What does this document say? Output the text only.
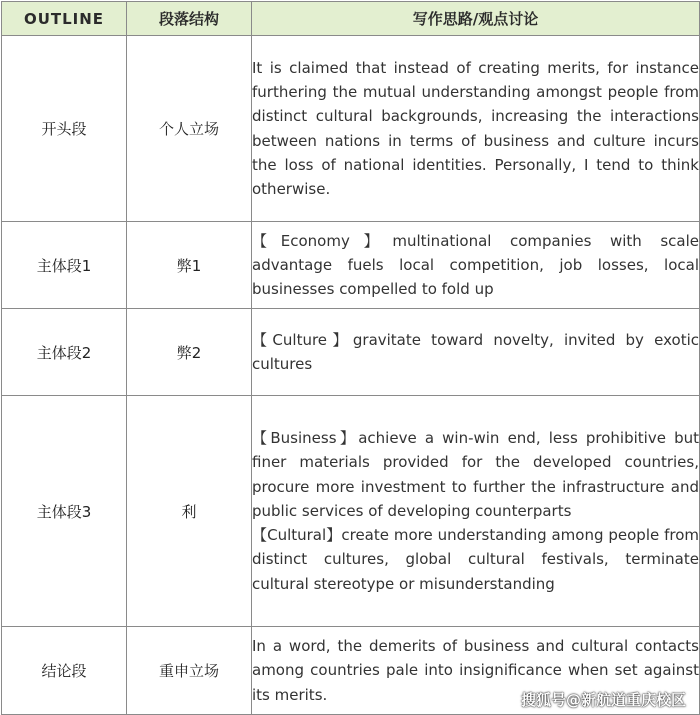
OUTLINE	段落结构	写作思路/观点讨论
开头段	个人立场	It is claimed that instead of creating merits, for instance furthering the mutual understanding amongst people from distinct cultural backgrounds, increasing the interactions between nations in terms of business and culture incurs the loss of national identities. Personally, I tend to think otherwise.

主体段1	弊1	【Economy】multinational companies with scale advantage fuels local competition, job losses, local businesses compelled to fold up

主体段2	弊2	【Culture】gravitate toward novelty, invited by exotic cultures

主体段3	利	【Business】achieve a win-win end, less prohibitive but finer materials provided for the developed countries, procure more investment to further the infrastructure and public services of developing counterparts
【Cultural】create more understanding among people from distinct cultures, global cultural festivals, terminate cultural stereotype or misunderstanding

结论段	重申立场	In a word, the demerits of business and cultural contacts among countries pale into insignificance when set against its merits.	搜狐号@新航道重庆校区
